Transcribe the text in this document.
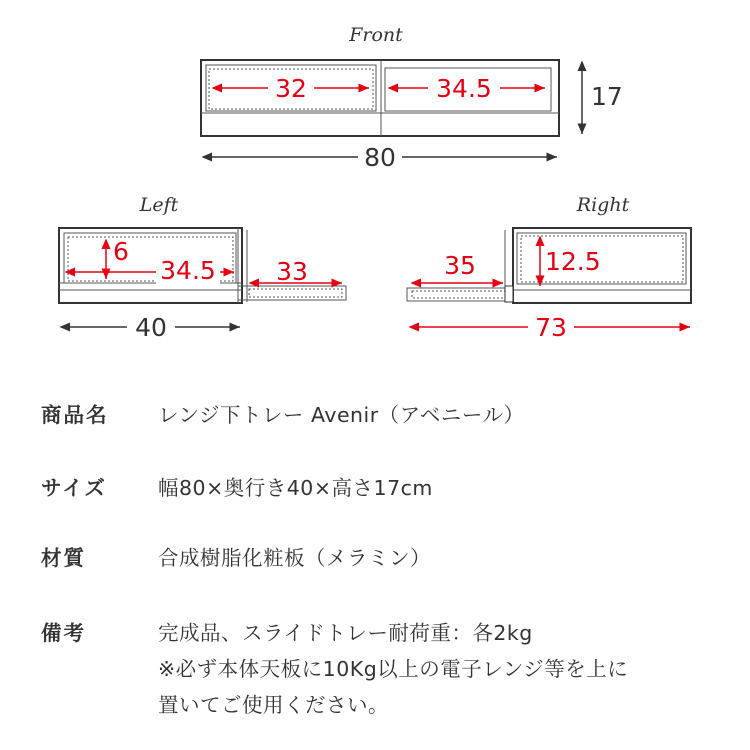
Front
32	34.5	17
80
Left
6
34.5 33
40
Right
35	12.5
73
商品名 レンジ下トレー Avenir（アベニール）
サイズ 幅80×奥行き40×高さ17cm
材質	合成樹脂化粧板（メラミン）
備考	完成品、スライドトレー耐荷重：各2kg
※必ず本体天板に10Kg以上の電子レンジ等を上に
置いてご使用ください。
